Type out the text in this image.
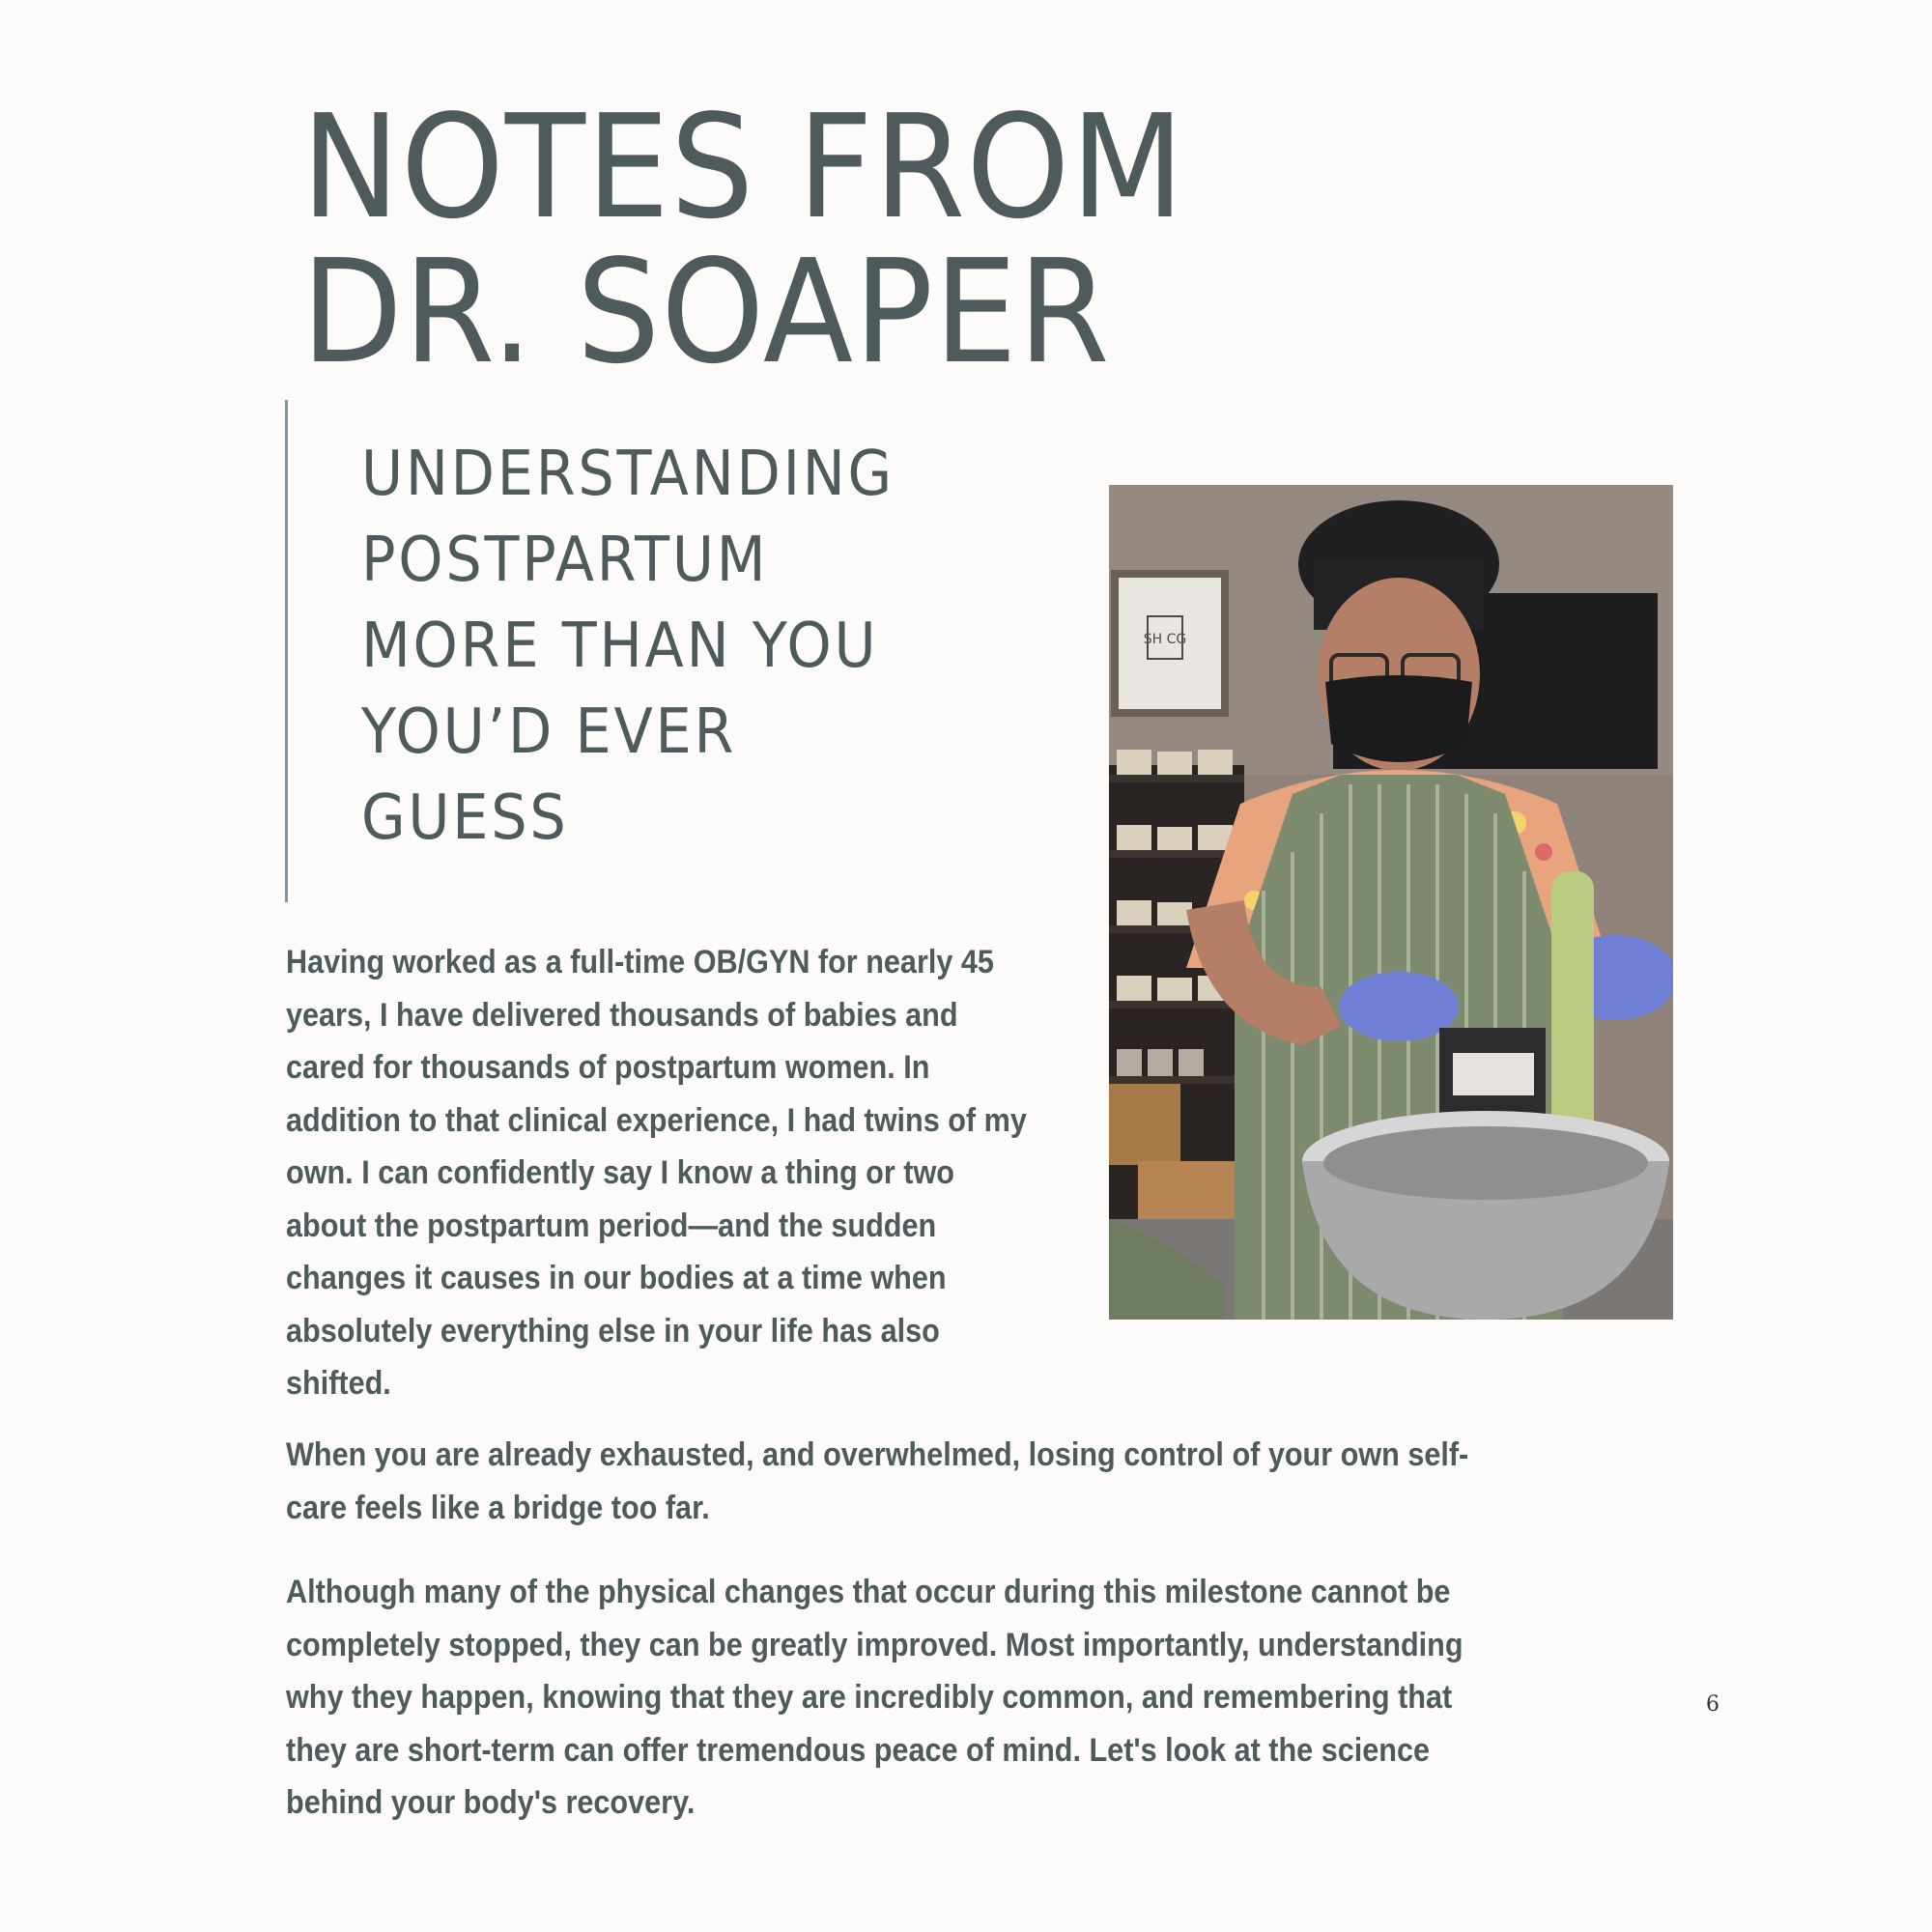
NOTES FROM
DR. SOAPER
UNDERSTANDING
POSTPARTUM
MORE THAN YOU
YOU’D EVER
GUESS
SH CG

Having worked as a full-time OB/GYN for nearly 45
years, I have delivered thousands of babies and
cared for thousands of postpartum women. In
addition to that clinical experience, I had twins of my
own. I can confidently say I know a thing or two
about the postpartum period—and the sudden
changes it causes in our bodies at a time when
absolutely everything else in your life has also
shifted.

When you are already exhausted, and overwhelmed, losing control of your own self-
care feels like a bridge too far.

Although many of the physical changes that occur during this milestone cannot be
completely stopped, they can be greatly improved. Most importantly, understanding
why they happen, knowing that they are incredibly common, and remembering that
they are short-term can offer tremendous peace of mind. Let's look at the science
behind your body's recovery.

6
